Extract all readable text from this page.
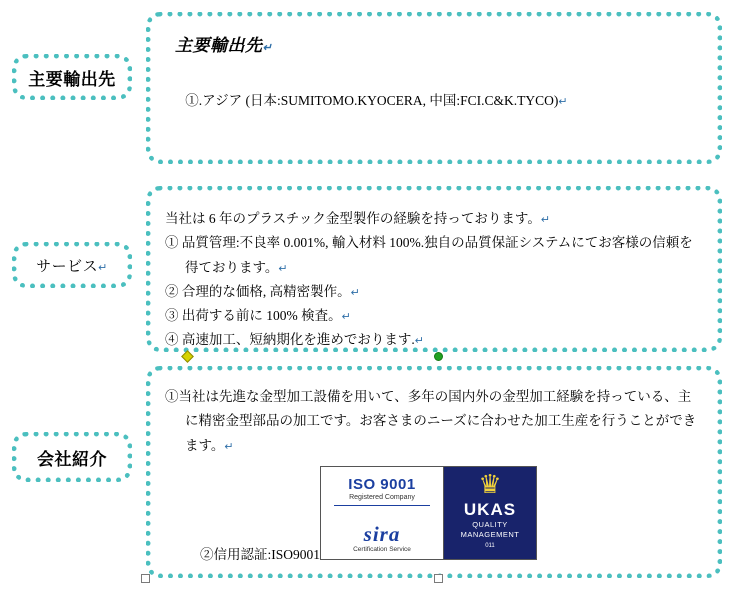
主要輸出先
主要輸出先↵

①.アジア (日本:SUMITOMO.KYOCERA, 中国:FCI.C&K.TYCO)↵

サービス↵
当社は 6 年のプラスチック金型製作の経験を持っております。↵
① 品質管理:不良率 0.001%, 輸入材料 100%.独自の品質保証システムにてお客様の信頼を得ております。↵
② 合理的な価格, 高精密製作。↵
③ 出荷する前に 100% 検査。↵
④ 高速加工、短納期化を進めでおります.↵
会社紹介
①当社は先進な金型加工設備を用いて、多年の国内外の金型加工経験を持っている、主に精密金型部品の加工です。お客さまのニーズに合わせた加工生産を行うことができます。↵
ISO 9001
Registered Company
sira
Certification Service
♛
UKAS
QUALITY
MANAGEMENT
011
②信用認証:ISO9001
